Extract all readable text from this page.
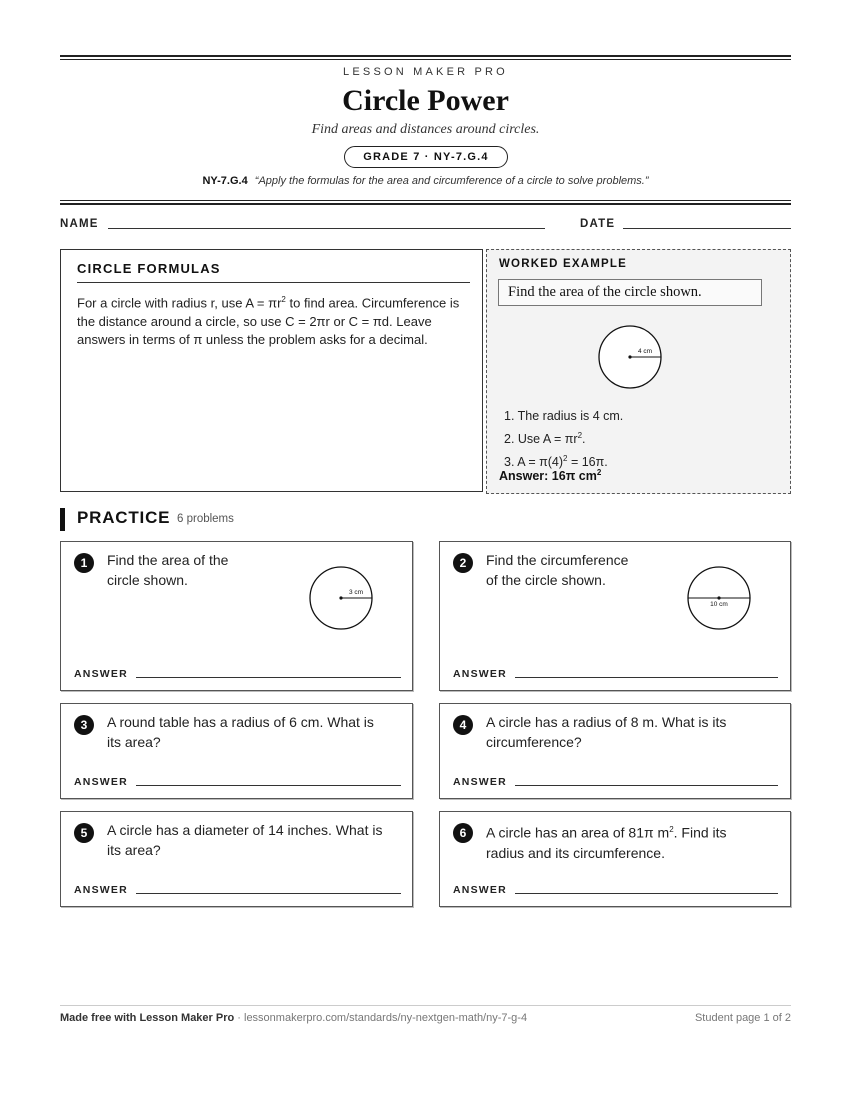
LESSON MAKER PRO
Circle Power
Find areas and distances around circles.
GRADE 7 · NY-7.G.4
NY-7.G.4 “Apply the formulas for the area and circumference of a circle to solve problems.”
NAME	DATE
CIRCLE FORMULAS
For a circle with radius r, use $A = \pi r^2$ to find area. Circumference is the distance around a circle, so use C = 2πr or C = πd. Leave answers in terms of π unless the problem asks for a decimal.
WORKED EXAMPLE
Find the area of the circle shown.
4 cm
1. The radius is 4 cm.
2. Use $A = \pi r^2$.
3. $A = \pi(4)^2 = 16\pi$.
Answer: 16π $cm^2$
PRACTICE 6 problems
1	Find the area of the
circle shown.
3 cm
ANSWER
2	Find the circumference
of the circle shown.
10 cm
ANSWER
3	A round table has a radius of 6 cm. What is
its area?
ANSWER
4	A circle has a radius of 8 m. What is its
circumference?
ANSWER
5	A circle has a diameter of 14 inches. What is
its area?
ANSWER
6	A circle has an area of 81π $m^2$. Find its
radius and its circumference.
ANSWER
Made free with Lesson Maker Pro · lessonmakerpro.com/standards/ny-nextgen-math/ny-7-g-4	Student page 1 of 2
